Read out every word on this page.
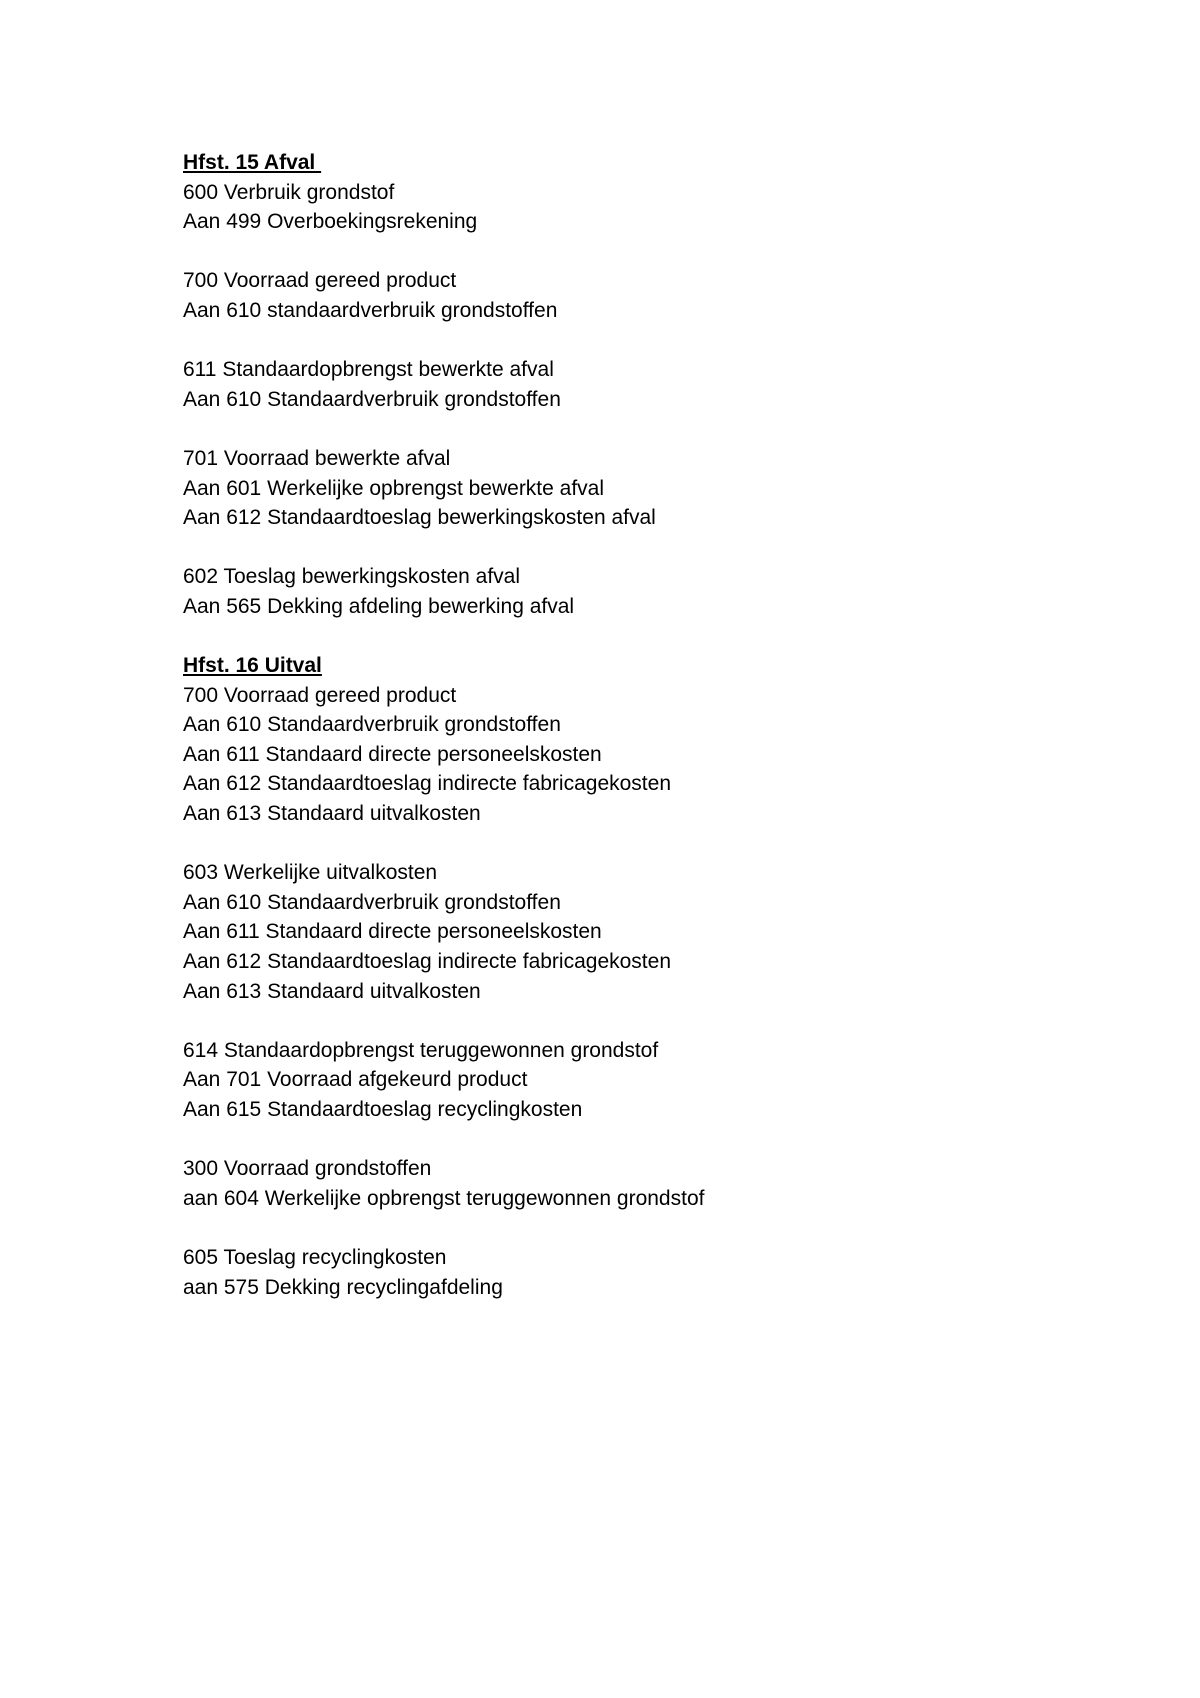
Hfst. 15 Afval
600 Verbruik grondstof
Aan 499 Overboekingsrekening
700 Voorraad gereed product
Aan 610 standaardverbruik grondstoffen
611 Standaardopbrengst bewerkte afval
Aan 610 Standaardverbruik grondstoffen
701 Voorraad bewerkte afval
Aan 601 Werkelijke opbrengst bewerkte afval
Aan 612 Standaardtoeslag bewerkingskosten afval
602 Toeslag bewerkingskosten afval
Aan 565 Dekking afdeling bewerking afval
Hfst. 16 Uitval
700 Voorraad gereed product
Aan 610 Standaardverbruik grondstoffen
Aan 611 Standaard directe personeelskosten
Aan 612 Standaardtoeslag indirecte fabricagekosten
Aan 613 Standaard uitvalkosten
603 Werkelijke uitvalkosten
Aan 610 Standaardverbruik grondstoffen
Aan 611 Standaard directe personeelskosten
Aan 612 Standaardtoeslag indirecte fabricagekosten
Aan 613 Standaard uitvalkosten
614 Standaardopbrengst teruggewonnen grondstof
Aan 701 Voorraad afgekeurd product
Aan 615 Standaardtoeslag recyclingkosten
300 Voorraad grondstoffen
aan 604 Werkelijke opbrengst teruggewonnen grondstof
605 Toeslag recyclingkosten
aan 575 Dekking recyclingafdeling
